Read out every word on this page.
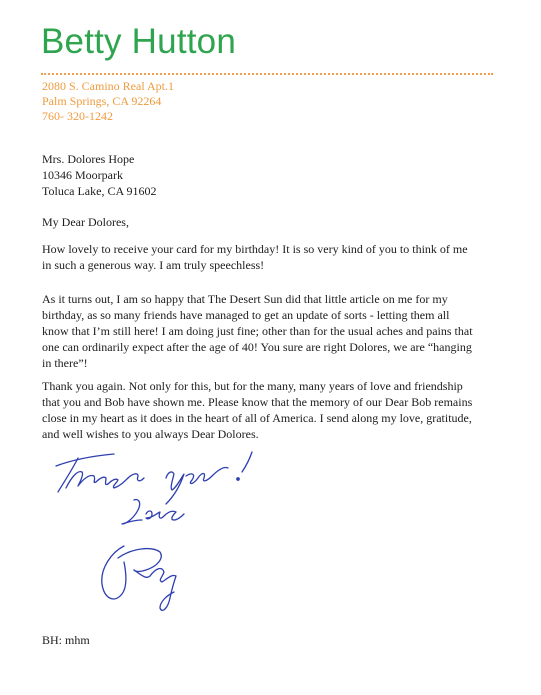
Betty Hutton
2080 S. Camino Real Apt.1
Palm Springs, CA 92264
760- 320-1242
Mrs. Dolores Hope
10346 Moorpark
Toluca Lake, CA 91602
My Dear Dolores,

How lovely to receive your card for my birthday! It is so very kind of you to think of me
in such a generous way. I am truly speechless!

As it turns out, I am so happy that The Desert Sun did that little article on me for my
birthday, as so many friends have managed to get an update of sorts - letting them all
know that I’m still here! I am doing just fine; other than for the usual aches and pains that
one can ordinarily expect after the age of 40! You sure are right Dolores, we are “hanging
in there”!

Thank you again. Not only for this, but for the many, many years of love and friendship
that you and Bob have shown me. Please know that the memory of our Dear Bob remains
close in my heart as it does in the heart of all of America. I send along my love, gratitude,
and well wishes to you always Dear Dolores.

BH: mhm
